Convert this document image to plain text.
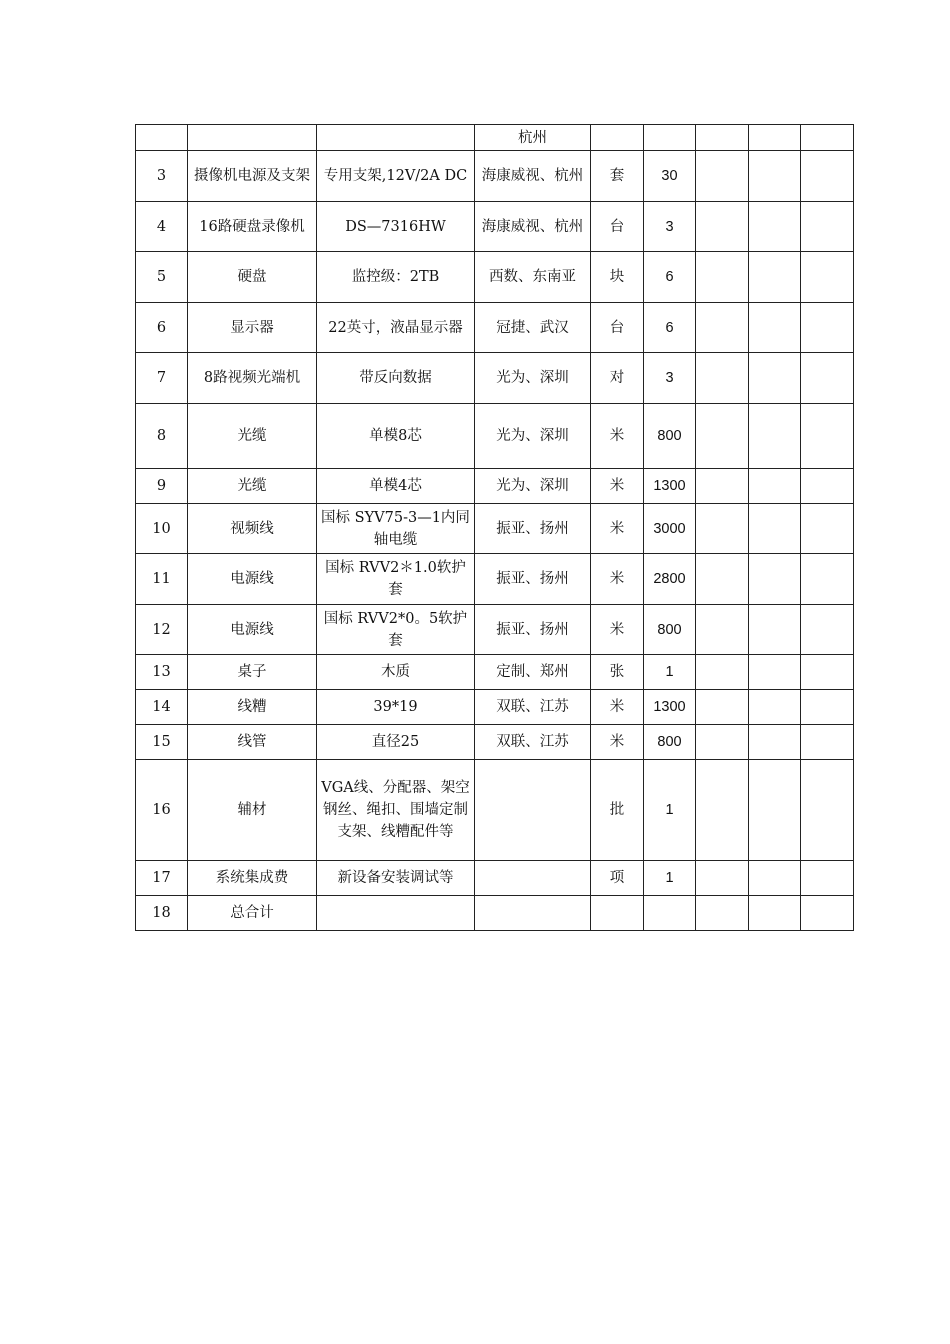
			杭州					
3	摄像机电源及支架	专用支架,12V/2A DC	海康威视、杭州	套	30			
4	16路硬盘录像机	DS—7316HW	海康威视、杭州	台	3			
5	硬盘	监控级：2TB	西数、东南亚	块	6			
6	显示器	22英寸，液晶显示器	冠捷、武汉	台	6			
7	8路视频光端机	带反向数据	光为、深圳	对	3			
8	光缆	单模8芯	光为、深圳	米	800			
9	光缆	单模4芯	光为、深圳	米	1300			
10	视频线	国标 SYV75-3—1内同轴电缆	振亚、扬州	米	3000			
11	电源线	国标 RVV2＊1.0软护套	振亚、扬州	米	2800			
12	电源线	国标 RVV2*0。5软护套	振亚、扬州	米	800			
13	桌子	木质	定制、郑州	张	1			
14	线糟	39*19	双联、江苏	米	1300			
15	线管	直径25	双联、江苏	米	800			
16	辅材	VGA线、分配器、架空钢丝、绳扣、围墙定制支架、线糟配件等		批	1			
17	系统集成费	新设备安装调试等		项	1			
18	总合计							
